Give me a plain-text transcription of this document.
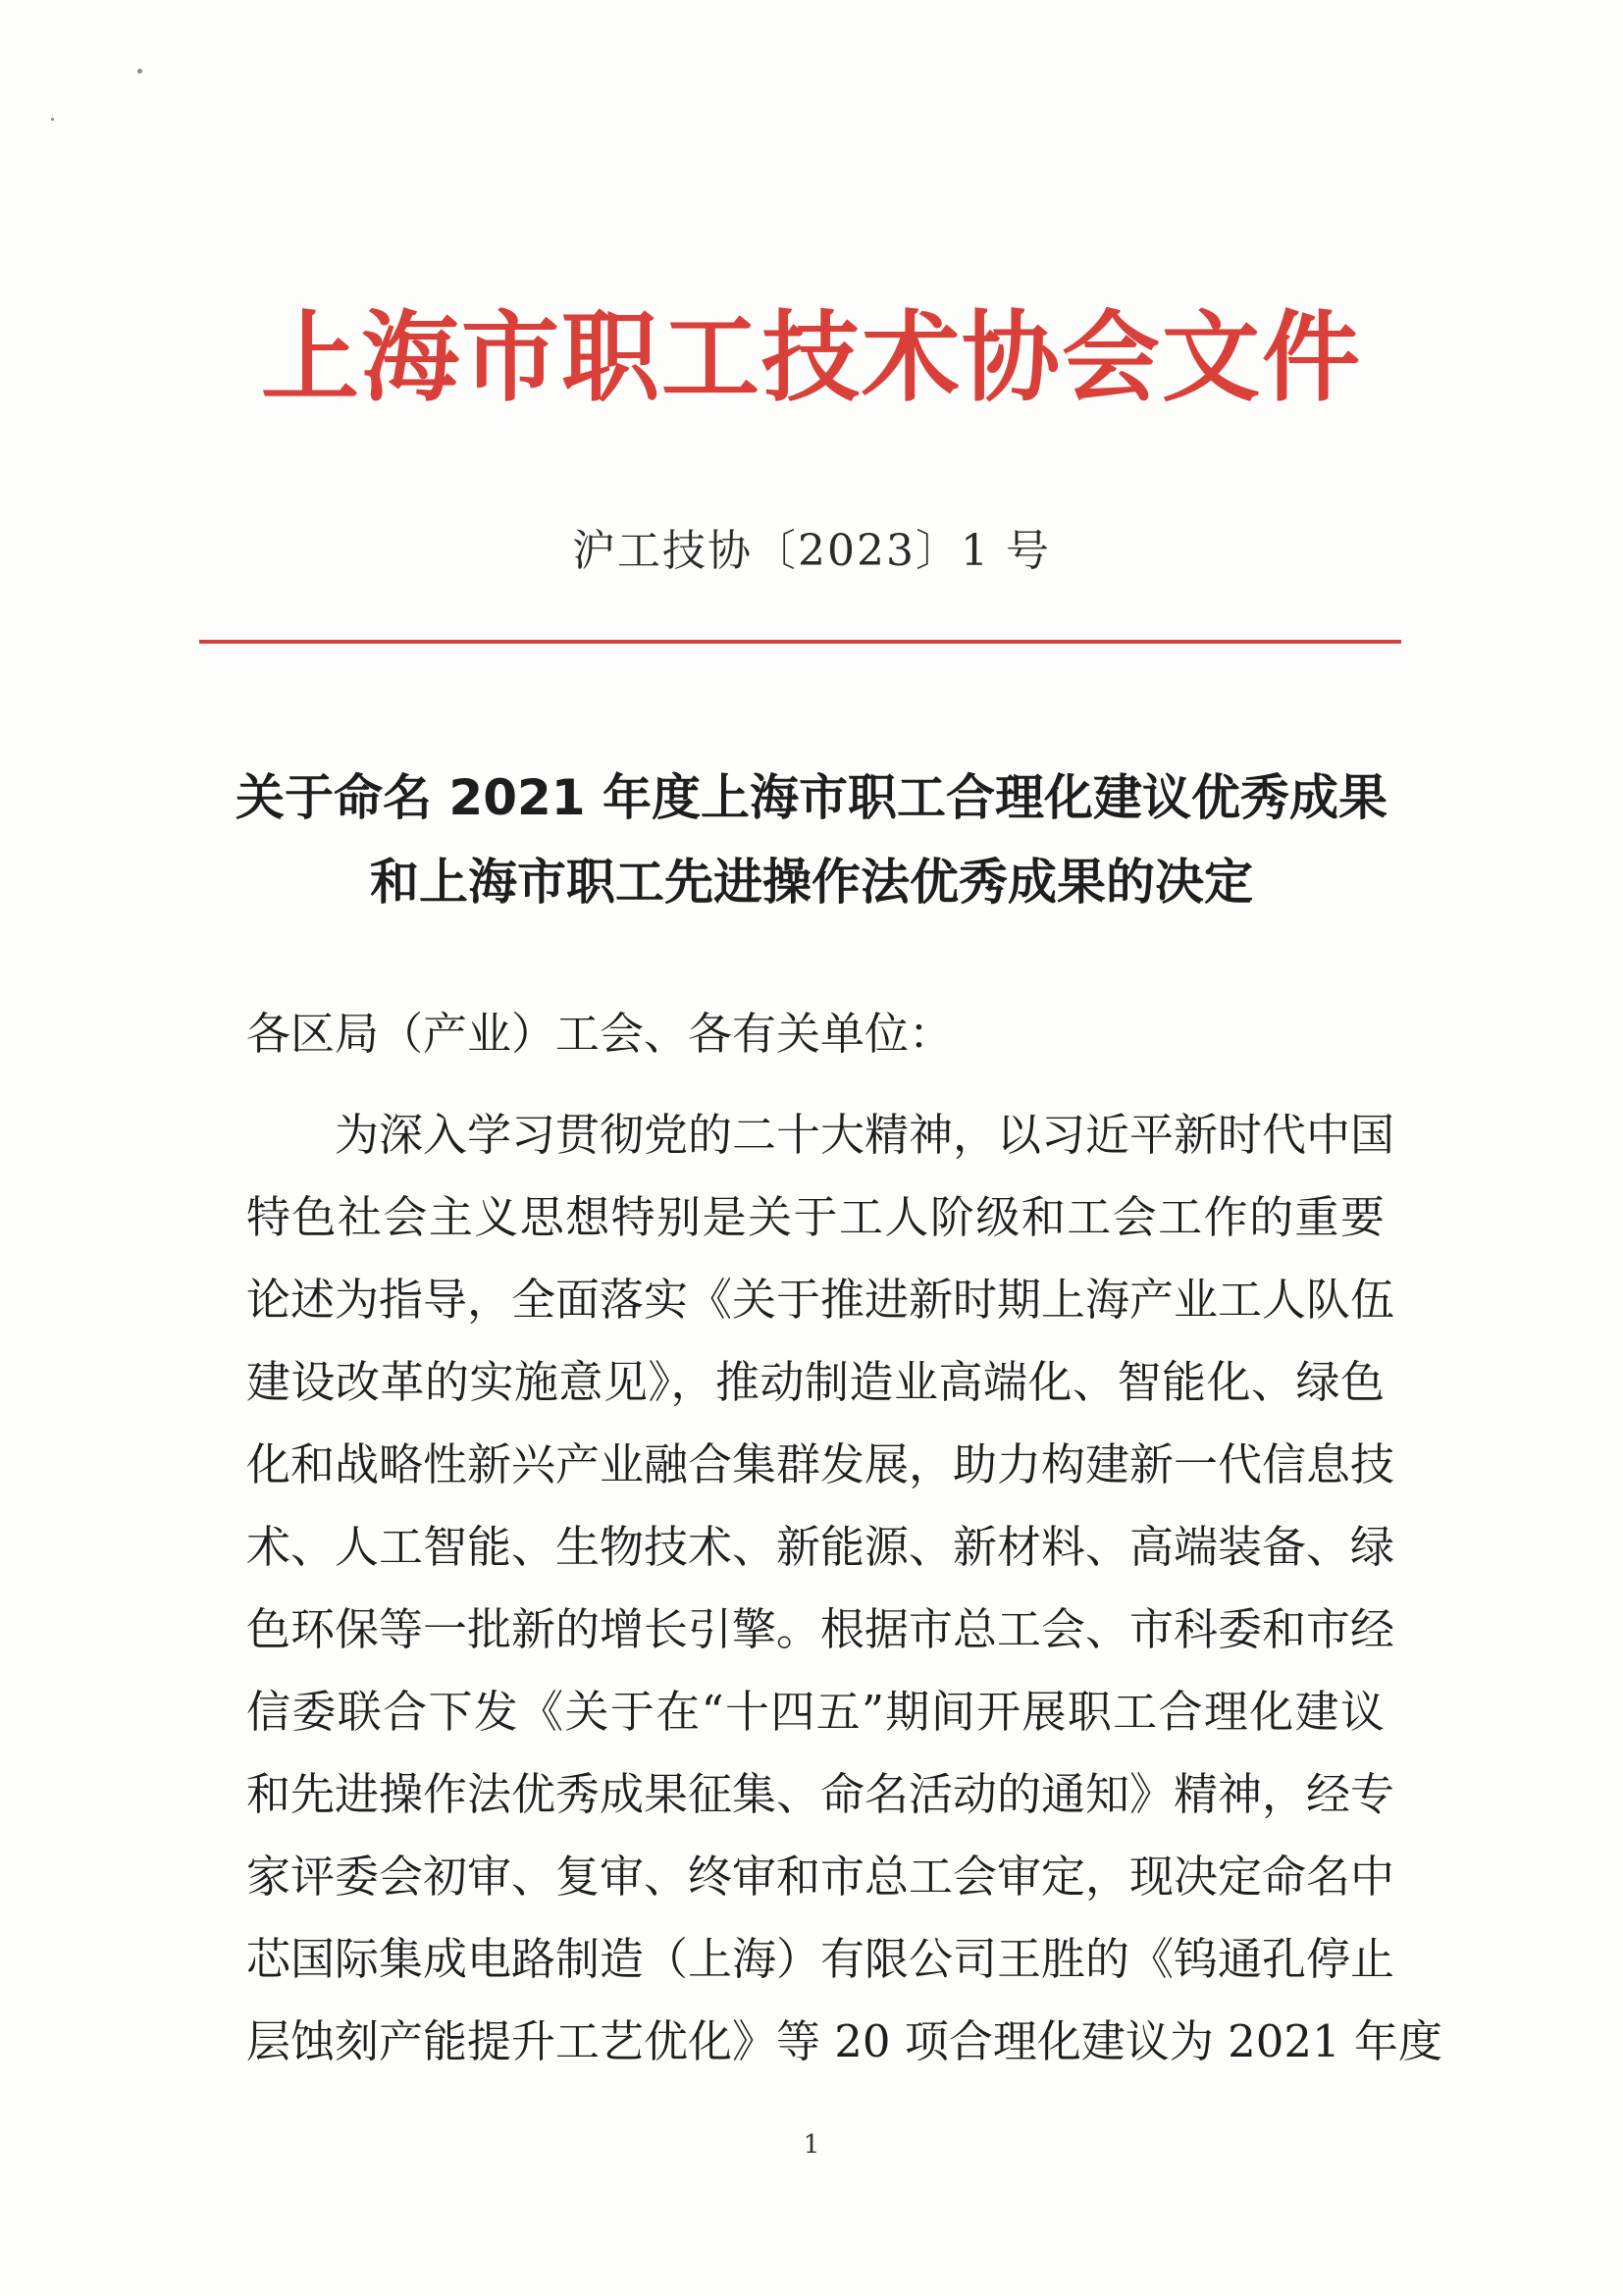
上海市职工技术协会文件
沪工技协〔2023〕1 号
关于命名 2021 年度上海市职工合理化建议优秀成果
和上海市职工先进操作法优秀成果的决定
各区局（产业）工会、各有关单位：
为深入学习贯彻党的二十大精神，以习近平新时代中国
特色社会主义思想特别是关于工人阶级和工会工作的重要
论述为指导，全面落实《关于推进新时期上海产业工人队伍
建设改革的实施意见》，推动制造业高端化、智能化、绿色
化和战略性新兴产业融合集群发展，助力构建新一代信息技
术、人工智能、生物技术、新能源、新材料、高端装备、绿
色环保等一批新的增长引擎。根据市总工会、市科委和市经
信委联合下发《关于在“十四五”期间开展职工合理化建议
和先进操作法优秀成果征集、命名活动的通知》精神，经专
家评委会初审、复审、终审和市总工会审定，现决定命名中
芯国际集成电路制造（上海）有限公司王胜的《钨通孔停止
层蚀刻产能提升工艺优化》等 20 项合理化建议为 2021 年度
1
